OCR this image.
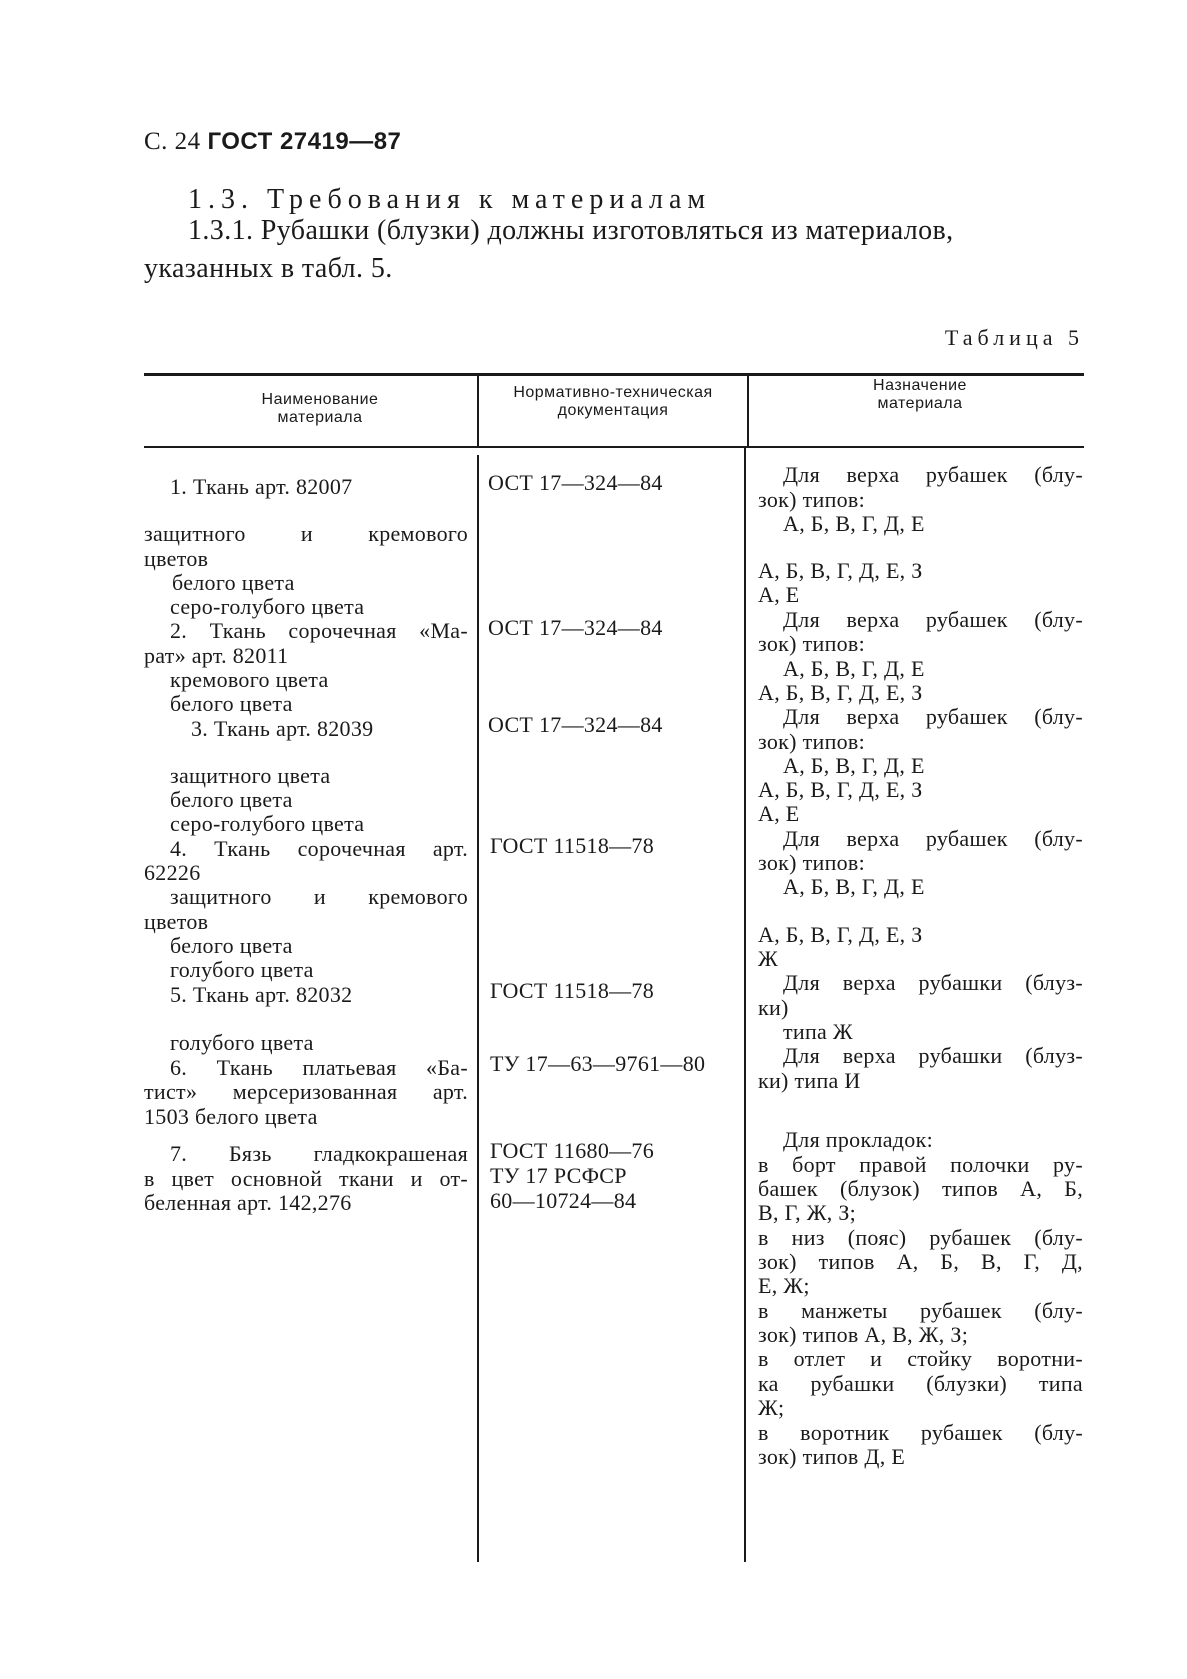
С. 24 ГОСТ 27419—87
1.3. Требования к материалам
1.3.1. Рубашки (блузки) должны изготовляться из материалов,
указанных в табл. 5.
Таблица 5
Наименование
материала
Нормативно-техническая
документация
Назначение
материала
1. Ткань арт. 82007
защитного и кремового
цветов
белого цвета
серо-голубого цвета
2. Ткань сорочечная «Ма-
рат» арт. 82011
кремового цвета
белого цвета
3. Ткань арт. 82039
защитного цвета
белого цвета
серо-голубого цвета
4. Ткань сорочечная арт.
62226
защитного и кремового
цветов
белого цвета
голубого цвета
5. Ткань арт. 82032
голубого цвета
6. Ткань платьевая «Ба-
тист» мерсеризованная арт.
1503 белого цвета
7. Бязь гладкокрашеная
в цвет основной ткани и от-
беленная арт. 142,276
ОСТ 17—324—84
ОСТ 17—324—84
ОСТ 17—324—84
ГОСТ 11518—78
ГОСТ 11518—78
ТУ 17—63—9761—80
ГОСТ 11680—76
ТУ 17 РСФСР
60—10724—84
Для верха рубашек (блу-
зок) типов:
А, Б, В, Г, Д, Е
А, Б, В, Г, Д, Е, З
А, Е
Для верха рубашек (блу-
зок) типов:
А, Б, В, Г, Д, Е
А, Б, В, Г, Д, Е, З
Для верха рубашек (блу-
зок) типов:
А, Б, В, Г, Д, Е
А, Б, В, Г, Д, Е, З
А, Е
Для верха рубашек (блу-
зок) типов:
А, Б, В, Г, Д, Е
А, Б, В, Г, Д, Е, З
Ж
Для верха рубашки (блуз-
ки)
типа Ж
Для верха рубашки (блуз-
ки) типа И
Для прокладок:
в борт правой полочки ру-
башек (блузок) типов А, Б,
В, Г, Ж, З;
в низ (пояс) рубашек (блу-
зок) типов А, Б, В, Г, Д,
Е, Ж;
в манжеты рубашек (блу-
зок) типов А, В, Ж, З;
в отлет и стойку воротни-
ка рубашки (блузки) типа
Ж;
в воротник рубашек (блу-
зок) типов Д, Е
